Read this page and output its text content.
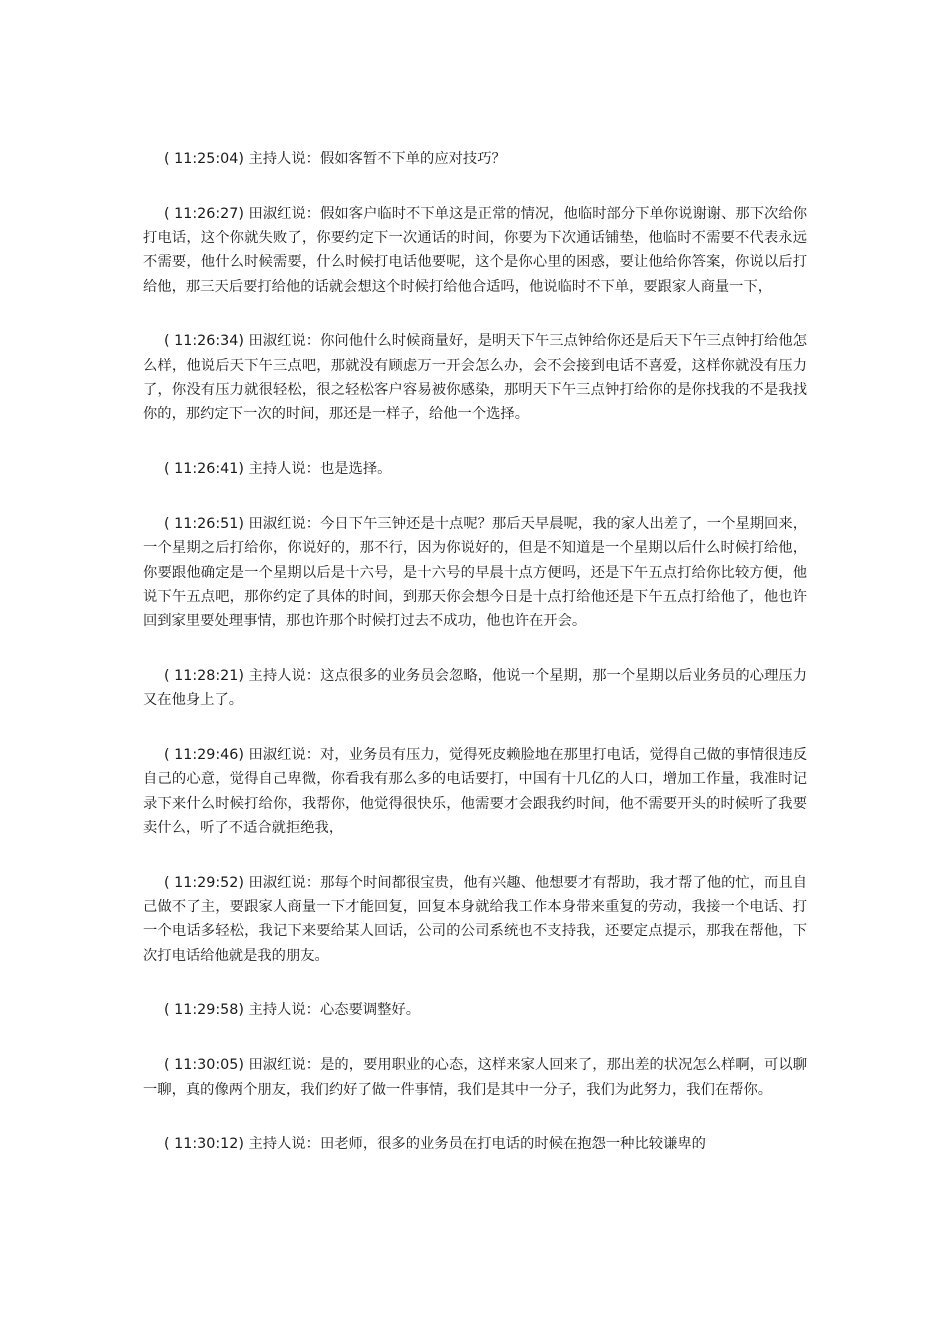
( 11:25:04) 主持人说：假如客暂不下单的应对技巧？

( 11:26:27) 田淑红说：假如客户临时不下单这是正常的情况，他临时部分下单你说谢谢、那下次给你打电话，这个你就失败了，你要约定下一次通话的时间，你要为下次通话铺垫，他临时不需要不代表永远不需要，他什么时候需要，什么时候打电话他要呢，这个是你心里的困惑，要让他给你答案，你说以后打给他，那三天后要打给他的话就会想这个时候打给他合适吗，他说临时不下单，要跟家人商量一下，

( 11:26:34) 田淑红说：你问他什么时候商量好，是明天下午三点钟给你还是后天下午三点钟打给他怎么样，他说后天下午三点吧，那就没有顾虑万一开会怎么办，会不会接到电话不喜爱，这样你就没有压力了，你没有压力就很轻松，很之轻松客户容易被你感染，那明天下午三点钟打给你的是你找我的不是我找你的，那约定下一次的时间，那还是一样子，给他一个选择。

( 11:26:41) 主持人说：也是选择。

( 11:26:51) 田淑红说：今日下午三钟还是十点呢？那后天早晨呢，我的家人出差了，一个星期回来，一个星期之后打给你，你说好的，那不行，因为你说好的，但是不知道是一个星期以后什么时候打给他，你要跟他确定是一个星期以后是十六号，是十六号的早晨十点方便吗，还是下午五点打给你比较方便，他说下午五点吧，那你约定了具体的时间，到那天你会想今日是十点打给他还是下午五点打给他了，他也许回到家里要处理事情，那也许那个时候打过去不成功，他也许在开会。

( 11:28:21) 主持人说：这点很多的业务员会忽略，他说一个星期，那一个星期以后业务员的心理压力又在他身上了。

( 11:29:46) 田淑红说：对，业务员有压力，觉得死皮赖脸地在那里打电话，觉得自己做的事情很违反自己的心意，觉得自己卑微，你看我有那么多的电话要打，中国有十几亿的人口，增加工作量，我准时记录下来什么时候打给你，我帮你，他觉得很快乐，他需要才会跟我约时间，他不需要开头的时候听了我要卖什么，听了不适合就拒绝我，

( 11:29:52) 田淑红说：那每个时间都很宝贵，他有兴趣、他想要才有帮助，我才帮了他的忙，而且自己做不了主，要跟家人商量一下才能回复，回复本身就给我工作本身带来重复的劳动，我接一个电话、打一个电话多轻松，我记下来要给某人回话，公司的公司系统也不支持我，还要定点提示，那我在帮他，下次打电话给他就是我的朋友。

( 11:29:58) 主持人说：心态要调整好。

( 11:30:05) 田淑红说：是的，要用职业的心态，这样来家人回来了，那出差的状况怎么样啊，可以聊一聊，真的像两个朋友，我们约好了做一件事情，我们是其中一分子，我们为此努力，我们在帮你。

( 11:30:12) 主持人说：田老师，很多的业务员在打电话的时候在抱怨一种比较谦卑的
